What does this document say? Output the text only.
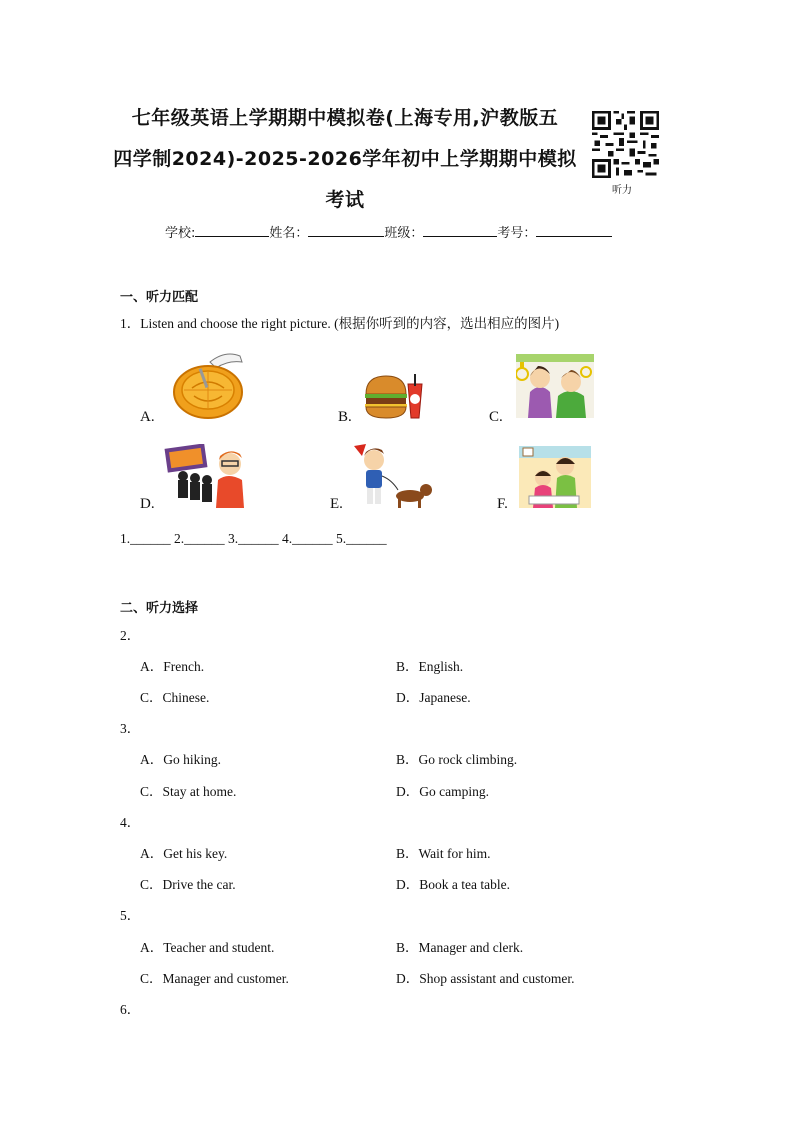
七年级英语上学期期中模拟卷(上海专用,沪教版五
四学制2024)-2025-2026学年初中上学期期中模拟
考试	听力
学校:	姓名：	班级：	考号：
一、听力匹配
1．Listen and choose the right picture. (根据你听到的内容，选出相应的图片)
A.	B.	C.
D.	E.	F.
1.______ 2.______ 3.______ 4.______ 5.______
二、听力选择
2．
A．French.	B．English.
C．Chinese.	D．Japanese.
3．
A．Go hiking.	B．Go rock climbing.
C．Stay at home.	D．Go camping.
4．
A．Get his key.	B．Wait for him.
C．Drive the car.	D．Book a tea table.
5．
A．Teacher and student.	B．Manager and clerk.
C．Manager and customer.	D．Shop assistant and customer.
6．
